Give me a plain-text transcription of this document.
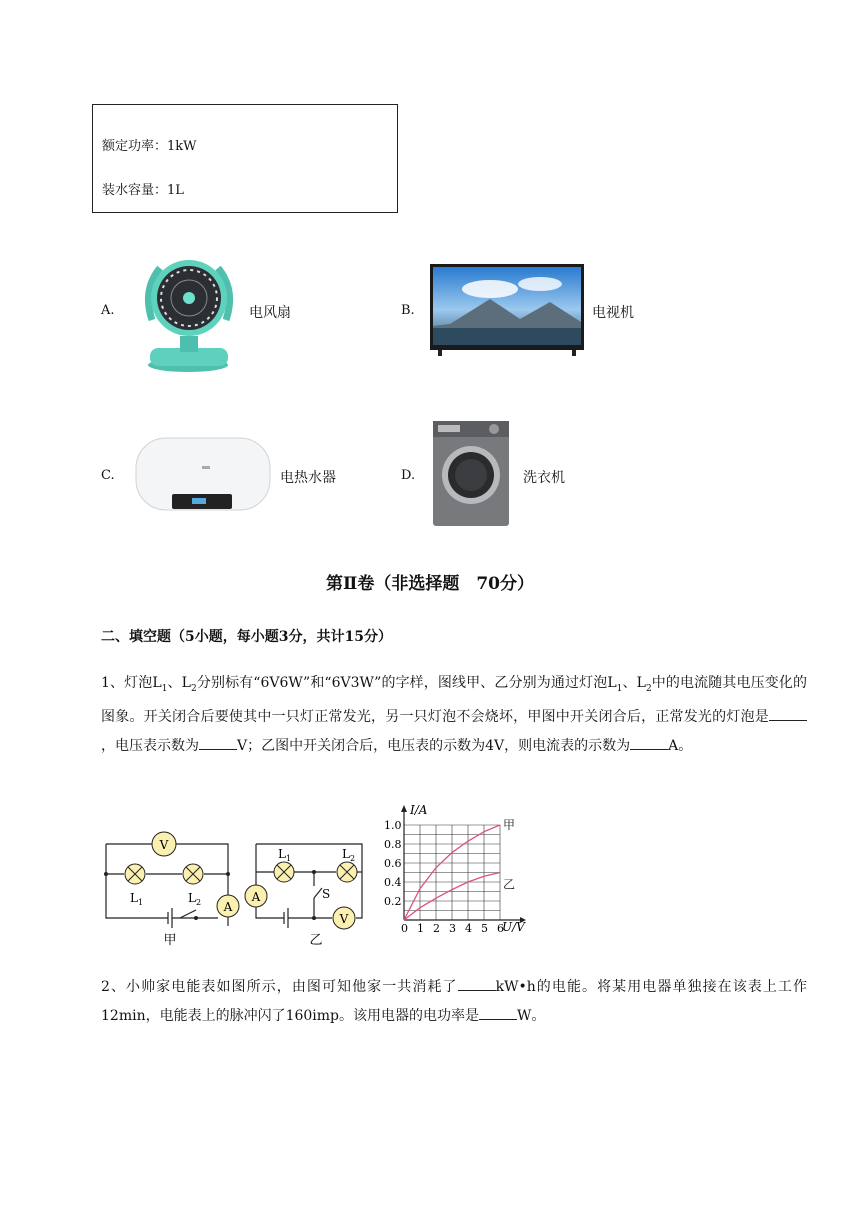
额定功率：1kW
装水容量：1L
A.	电风扇	B.	电视机
C.	电热水器	D.	洗衣机
第Ⅱ卷（非选择题　70分）
二、填空题（5小题，每小题3分，共计15分）
1、灯泡$L_1$、$L_2$分别标有“6V6W”和“6V3W”的字样，图线甲、乙分别为通过灯泡$L_1$、$L_2$中的电流随其电压变化的图象。开关闭合后要使其中一只灯正常发光，另一只灯泡不会烧坏，甲图中开关闭合后，正常发光的灯泡是，电压表示数为	V；乙图中开关闭合后，电压表的示数为4V，则电流表的示数为	A。
V
A
$L_1$	$L_2$
甲
A
V
$L_1$	$L_2$
S
乙
甲
乙
0 1 2 3 4 5 6
0.2
0.4
0.6
0.8
1.0
I/A
U/V
2、小帅家电能表如图所示，由图可知他家一共消耗了	kW•h的电能。将某用电器单独接在该表上工作12min，电能表上的脉冲闪了160imp。该用电器的电功率是	W。
